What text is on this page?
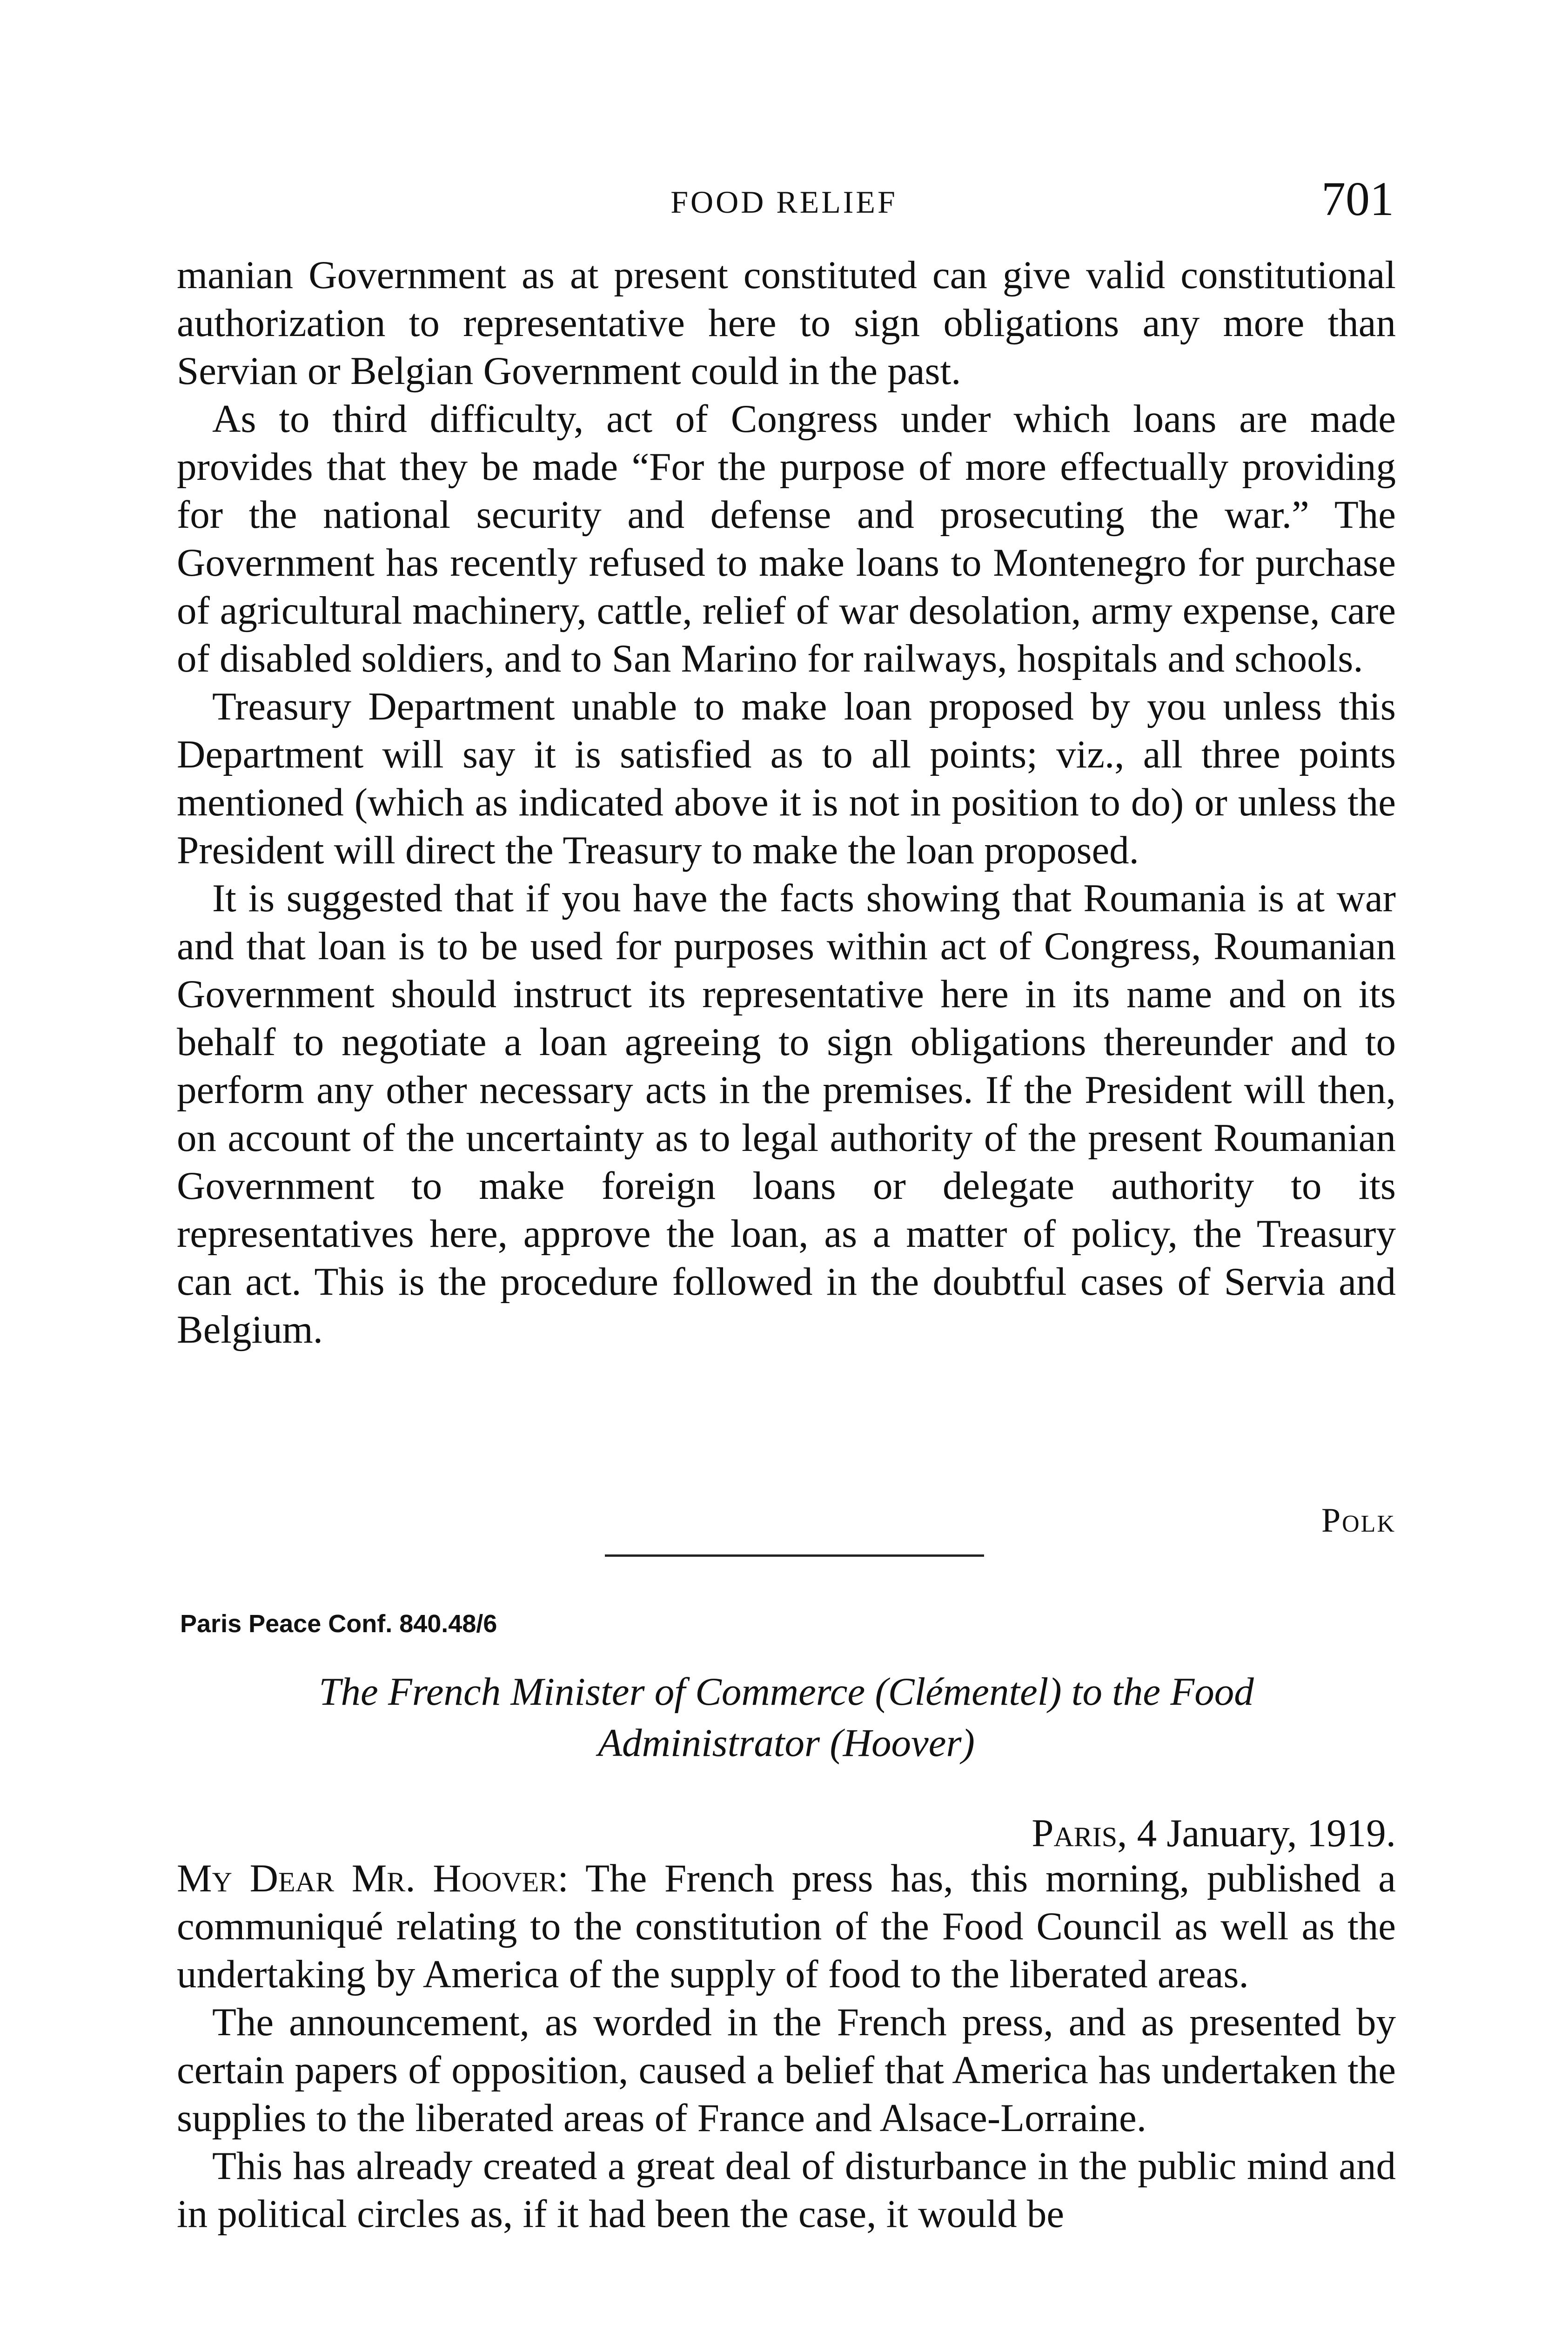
FOOD RELIEF	701

manian Government as at present constituted can give valid constitutional authorization to representative here to sign obligations any more than Servian or Belgian Government could in the past.

As to third difficulty, act of Congress under which loans are made provides that they be made “For the purpose of more effectually providing for the national security and defense and prosecuting the war.” The Government has recently refused to make loans to Montenegro for purchase of agricultural machinery, cattle, relief of war desolation, army expense, care of disabled soldiers, and to San Marino for railways, hospitals and schools.

Treasury Department unable to make loan proposed by you unless this Department will say it is satisfied as to all points; viz., all three points mentioned (which as indicated above it is not in position to do) or unless the President will direct the Treasury to make the loan proposed.

It is suggested that if you have the facts showing that Roumania is at war and that loan is to be used for purposes within act of Congress, Roumanian Government should instruct its representative here in its name and on its behalf to negotiate a loan agreeing to sign obligations thereunder and to perform any other necessary acts in the premises. If the President will then, on account of the uncertainty as to legal authority of the present Roumanian Government to make foreign loans or delegate authority to its representatives here, approve the loan, as a matter of policy, the Treasury can act. This is the procedure followed in the doubtful cases of Servia and Belgium.

Polk
Paris Peace Conf. 840.48/6
The French Minister of Commerce (Clémentel) to the Food
Administrator (Hoover)
Paris, 4 January, 1919.

My Dear Mr. Hoover: The French press has, this morning, published a communiqué relating to the constitution of the Food Council as well as the undertaking by America of the supply of food to the liberated areas.

The announcement, as worded in the French press, and as presented by certain papers of opposition, caused a belief that America has undertaken the supplies to the liberated areas of France and Alsace-Lorraine.

This has already created a great deal of disturbance in the public mind and in political circles as, if it had been the case, it would be
